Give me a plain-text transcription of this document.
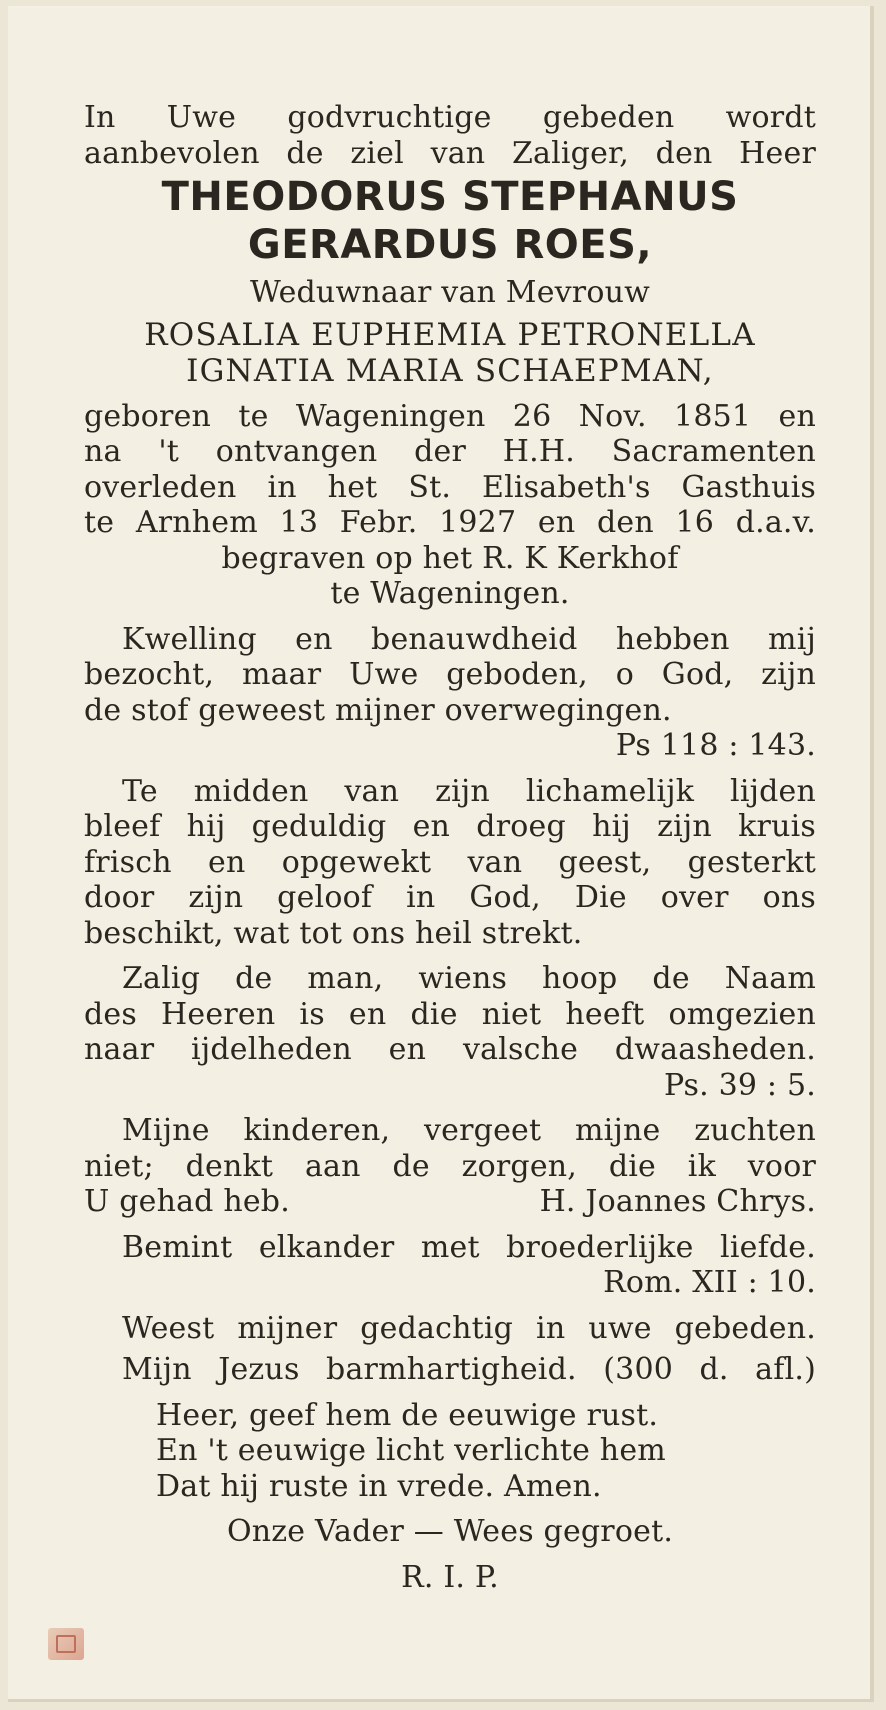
In Uwe godvruchtige gebeden wordt
aanbevolen de ziel van Zaliger, den Heer
THEODORUS STEPHANUS
GERARDUS ROES,
Weduwnaar van Mevrouw
ROSALIA EUPHEMIA PETRONELLA
IGNATIA MARIA SCHAEPMAN,
geboren te Wageningen 26 Nov. 1851 en
na 't ontvangen der H.H. Sacramenten
overleden in het St. Elisabeth's Gasthuis
te Arnhem 13 Febr. 1927 en den 16 d.a.v.
begraven op het R. K Kerkhof
te Wageningen.
Kwelling en benauwdheid hebben mij
bezocht, maar Uwe geboden, o God, zijn
de stof geweest mijner overwegingen.
Ps 118 : 143.
Te midden van zijn lichamelijk lijden
bleef hij geduldig en droeg hij zijn kruis
frisch en opgewekt van geest, gesterkt
door zijn geloof in God, Die over ons
beschikt, wat tot ons heil strekt.
Zalig de man, wiens hoop de Naam
des Heeren is en die niet heeft omgezien
naar ijdelheden en valsche dwaasheden.
Ps. 39 : 5.
Mijne kinderen, vergeet mijne zuchten
niet; denkt aan de zorgen, die ik voor
U gehad heb.	H. Joannes Chrys.
Bemint elkander met broederlijke liefde.
Rom. XII : 10.
Weest mijner gedachtig in uwe gebeden.
Mijn Jezus barmhartigheid. (300 d. afl.)
Heer, geef hem de eeuwige rust.
En 't eeuwige licht verlichte hem
Dat hij ruste in vrede. Amen.
Onze Vader — Wees gegroet.
R. I. P.
